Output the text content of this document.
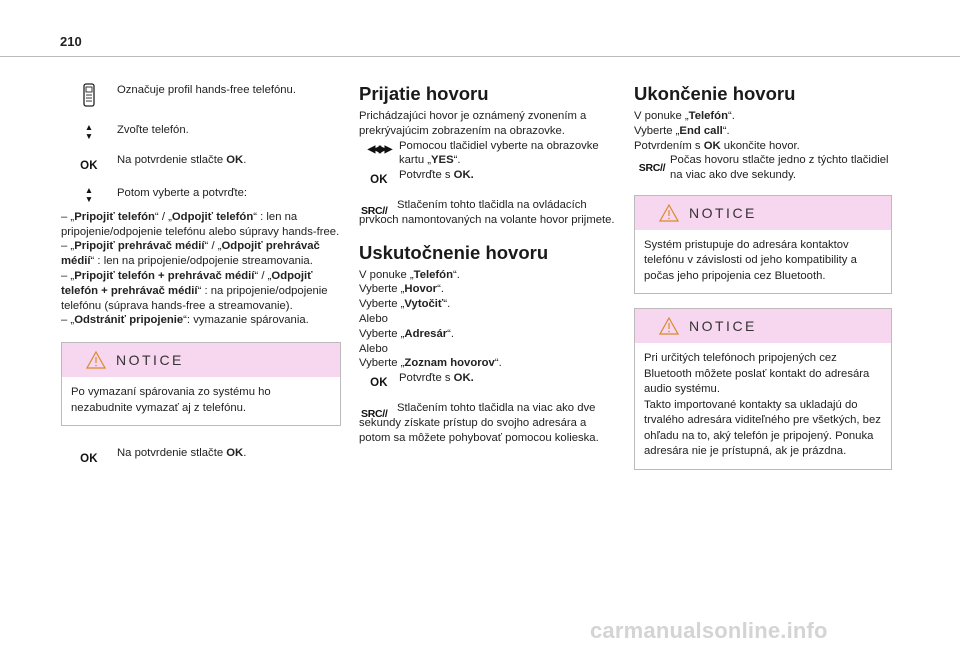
210
Označuje profil hands-free telefónu.
▲
▼ Zvoľte telefón.
OK Na potvrdenie stlačte OK.
▲
▼ Potom vyberte a potvrďte:

– „Pripojiť telefón“ / „Odpojiť telefón“ : len na pripojenie/odpojenie telefónu alebo súpravy hands-free.

– „Pripojiť prehrávač médií“ / „Odpojiť prehrávač médií“ : len na pripojenie/odpojenie streamovania.

– „Pripojiť telefón + prehrávač médií“ / „Odpojiť telefón + prehrávač médií“ : na pripojenie/odpojenie telefónu (súprava hands-free a streamovanie).

– „Odstrániť pripojenie“: vymazanie spárovania.

NOTICE
Po vymazaní spárovania zo systému ho nezabudnite vymazať aj z telefónu.
OK Na potvrdenie stlačte OK.
Prijatie hovoru

Prichádzajúci hovor je oznámený zvonením a prekrývajúcim zobrazením na obrazovke.

◀◀▶▶ Pomocou tlačidiel vyberte na obrazovke kartu „YES“.
OK Potvrďte s OK.
SRC// Stlačením tohto tlačidla na ovládacích prvkoch namontovaných na volante hovor prijmete.

Uskutočnenie hovoru

V ponuke „Telefón“.

Vyberte „Hovor“.

Vyberte „Vytočiť“.

Alebo

Vyberte „Adresár“.

Alebo

Vyberte „Zoznam hovorov“.

OK Potvrďte s OK.
SRC// Stlačením tohto tlačidla na viac ako dve sekundy získate prístup do svojho adresára a potom sa môžete pohybovať pomocou kolieska.

Ukončenie hovoru

V ponuke „Telefón“.

Vyberte „End call“.

Potvrdením s OK ukončite hovor.

SRC//
Počas hovoru stlačte jedno z týchto tlačidiel na viac ako dve sekundy.
NOTICE
Systém pristupuje do adresára kontaktov telefónu v závislosti od jeho kompatibility a počas jeho pripojenia cez Bluetooth.
NOTICE
Pri určitých telefónoch pripojených cez Bluetooth môžete poslať kontakt do adresára audio systému.
Takto importované kontakty sa ukladajú do trvalého adresára viditeľného pre všetkých, bez ohľadu na to, aký telefón je pripojený. Ponuka adresára nie je prístupná, ak je prázdna.
carmanualsonline.info
